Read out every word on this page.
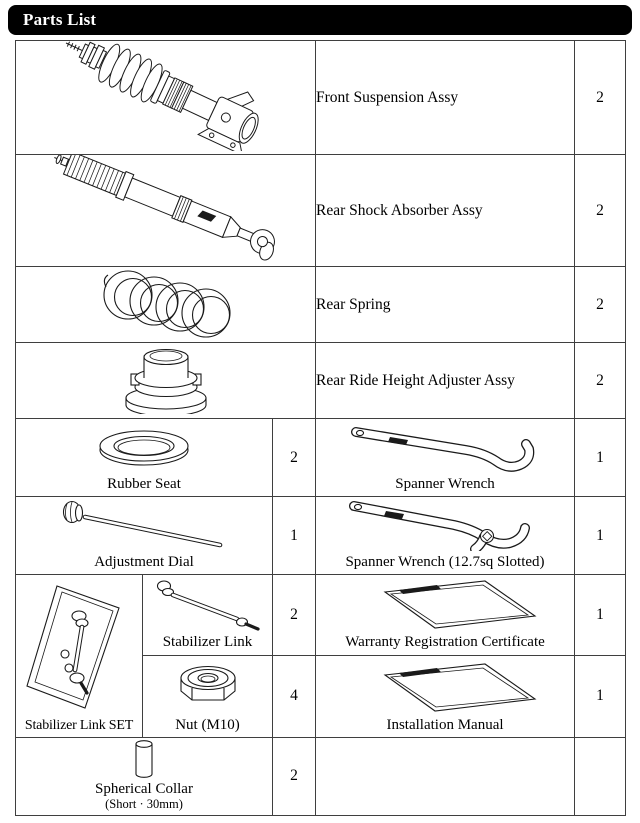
Parts List
	Front Suspension Assy	2

	Rear Shock Absorber Assy	2

	Rear Spring	2

	Rear Ride Height Adjuster Assy	2

Rubber Seat		2	Spanner Wrench	1

Adjustment Dial		1	Spanner Wrench (12.7sq Slotted)	1

Stabilizer Link SET	Stabilizer Link	2	Warranty Registration Certificate	1

	Nut (M10)	4	Installation Manual	1

Spherical Collar
(Short · 30mm)		2		
